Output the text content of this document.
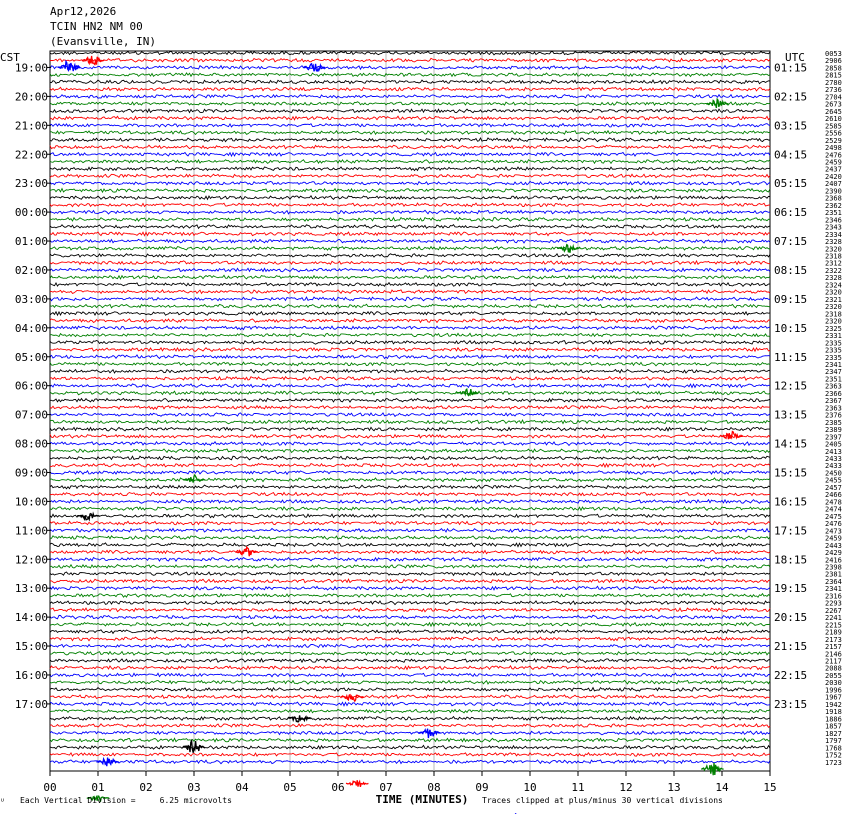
Apr12,2026
TCIN HN2 NM 00
(Evansville, IN)
19:00
20:00
21:00
22:00
23:00
00:00
01:00
02:00
03:00
04:00
05:00
06:00
07:00
08:00
09:00
10:00
11:00
12:00
13:00
14:00
15:00
16:00
17:00
01:15
02:15
03:15
04:15
05:15
06:15
07:15
08:15
09:15
10:15
11:15
12:15
13:15
14:15
15:15
16:15
17:15
18:15
19:15
20:15
21:15
22:15
23:15
0053
2906
2858
2815
2780
2736
2704
2673
2645
2610
2585
2556
2529
2498
2476
2459
2437
2420
2407
2390
2368
2362
2351
2346
2343
2334
2328
2320
2318
2312
2322
2328
2324
2320
2321
2320
2318
2320
2325
2331
2335
2335
2335
2341
2347
2351
2363
2366
2367
2363
2376
2385
2389
2397
2405
2413
2433
2433
2450
2455
2457
2466
2478
2474
2475
2476
2473
2459
2443
2429
2416
2398
2381
2364
2341
2316
2293
2267
2241
2215
2189
2173
2157
2146
2117
2088
2055
2030
1996
1967
1942
1918
1886
1857
1827
1797
1768
1752
1723
00	01	02	03	04	05	06	07	08	09	10	11	12	13	14	15
CST	UTC
TIME (MINUTES)
ᵁ Each Vertical Division =     6.25 microvolts	Traces clipped at plus/minus 30 vertical divisions
